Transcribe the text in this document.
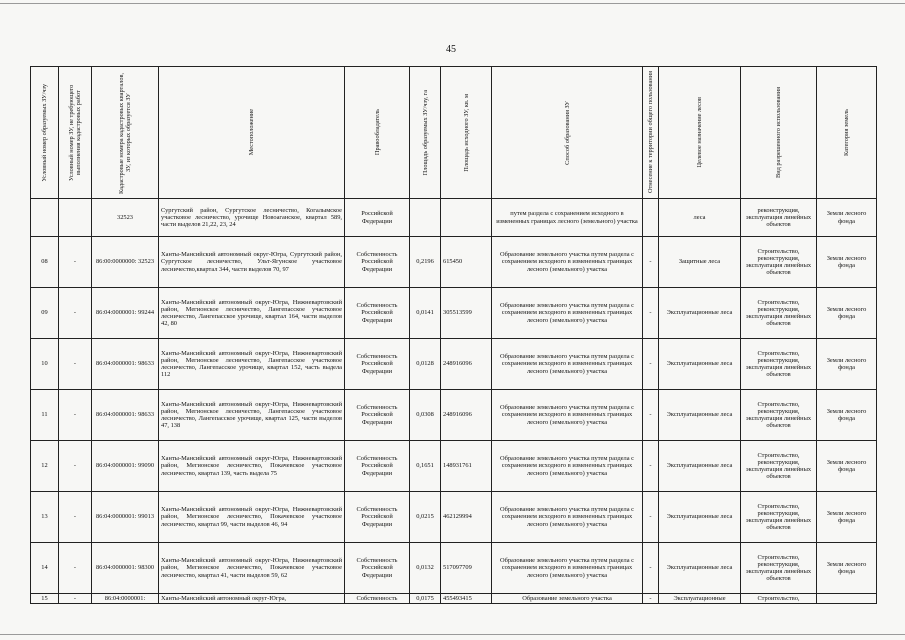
45
Условный номер образуемых ЗУ/чзу	Условный номер ЗУ, не требующего выполнения кадастровых работ	Кадастровые номера кадастровых кварталов, ЗУ, из которых образуется ЗУ	Местоположение	Правообладатель	Площадь образуемых ЗУ/чзу, га	Площадь исходного ЗУ, кв. м	Способ образования ЗУ	Отнесение к территории общего пользования	Целевое назначение лесов	Вид разрешенного использования	Категория земель

		32523	Сургутский район, Сургутское лесничество, Когалымское участковое лесничество, урочище Новоаганское, квартал 589, части выделов 21,22, 23, 24	Российской Федерации			путем раздела с сохранением исходного в измененных границах лесного (земельного) участка		леса	реконструкция, эксплуатация линейных объектов	Земли лесного фонда
08	-	86:00:0000000: 32523	Ханты-Мансийский автономный округ-Югра, Сургутский район, Сургутское лесничество, Ульт-Ягунское участковое лесничество,квартал 344, части выделов 70, 97	Собственность Российской Федерации	0,2196	615450	Образование земельного участка путем раздела с сохранением исходного в измененных границах лесного (земельного) участка	-	Защитные леса	Строительство, реконструкция, эксплуатация линейных объектов	Земли лесного фонда
09	-	86:04:0000001: 99244	Ханты-Мансийский автономный округ-Югра, Нижневартовский район, Мегионское лесничество, Лангепасское участковое лесничество, Лангепасское урочище, квартал 164, части выделов 42, 80	Собственность Российской Федерации	0,0141	305513599	Образование земельного участка путем раздела с сохранением исходного в измененных границах лесного (земельного) участка	-	Эксплуатационные леса	Строительство, реконструкция, эксплуатация линейных объектов	Земли лесного фонда
10	-	86:04:0000001: 98633	Ханты-Мансийский автономный округ-Югра, Нижневартовский район, Мегионское лесничество, Лангепасское участковое лесничество, Лангепасское урочище, квартал 152, часть выдела 112	Собственность Российской Федерации	0,0128	248916096	Образование земельного участка путем раздела с сохранением исходного в измененных границах лесного (земельного) участка	-	Эксплуатационные леса	Строительство, реконструкция, эксплуатация линейных объектов	Земли лесного фонда
11	-	86:04:0000001: 98633	Ханты-Мансийский автономный округ-Югра, Нижневартовский район, Мегионское лесничество, Лангепасское участковое лесничество, Лангепасское урочище, квартал 125, части выделов 47, 138	Собственность Российской Федерации	0,0308	248916096	Образование земельного участка путем раздела с сохранением исходного в измененных границах лесного (земельного) участка	-	Эксплуатационные леса	Строительство, реконструкция, эксплуатация линейных объектов	Земли лесного фонда
12	-	86:04:0000001: 99090	Ханты-Мансийский автономный округ-Югра, Нижневартовский район, Мегионское лесничество, Покачевское участковое лесничество, квартал 139, часть выдела 75	Собственность Российской Федерации	0,1651	148931761	Образование земельного участка путем раздела с сохранением исходного в измененных границах лесного (земельного) участка	-	Эксплуатационные леса	Строительство, реконструкция, эксплуатация линейных объектов	Земли лесного фонда
13	-	86:04:0000001: 99013	Ханты-Мансийский автономный округ-Югра, Нижневартовский район, Мегионское лесничество, Покачевское участковое лесничество, квартал 99, части выделов 46, 94	Собственность Российской Федерации	0,0215	462129994	Образование земельного участка путем раздела с сохранением исходного в измененных границах лесного (земельного) участка	-	Эксплуатационные леса	Строительство, реконструкция, эксплуатация линейных объектов	Земли лесного фонда
14	-	86:04:0000001: 98300	Ханты-Мансийский автономный округ-Югра, Нижневартовский район, Мегионское лесничество, Покачевское участковое лесничество, квартал 41, части выделов 59, 62	Собственность Российской Федерации	0,0132	517097709	Образование земельного участка путем раздела с сохранением исходного в измененных границах лесного (земельного) участка	-	Эксплуатационные леса	Строительство, реконструкция, эксплуатация линейных объектов	Земли лесного фонда
15	-	86:04:0000001:	Ханты-Мансийский автономный округ-Югра,	Собственность	0,0175	455493415	Образование земельного участка	-	Эксплуатационные	Строительство,	
